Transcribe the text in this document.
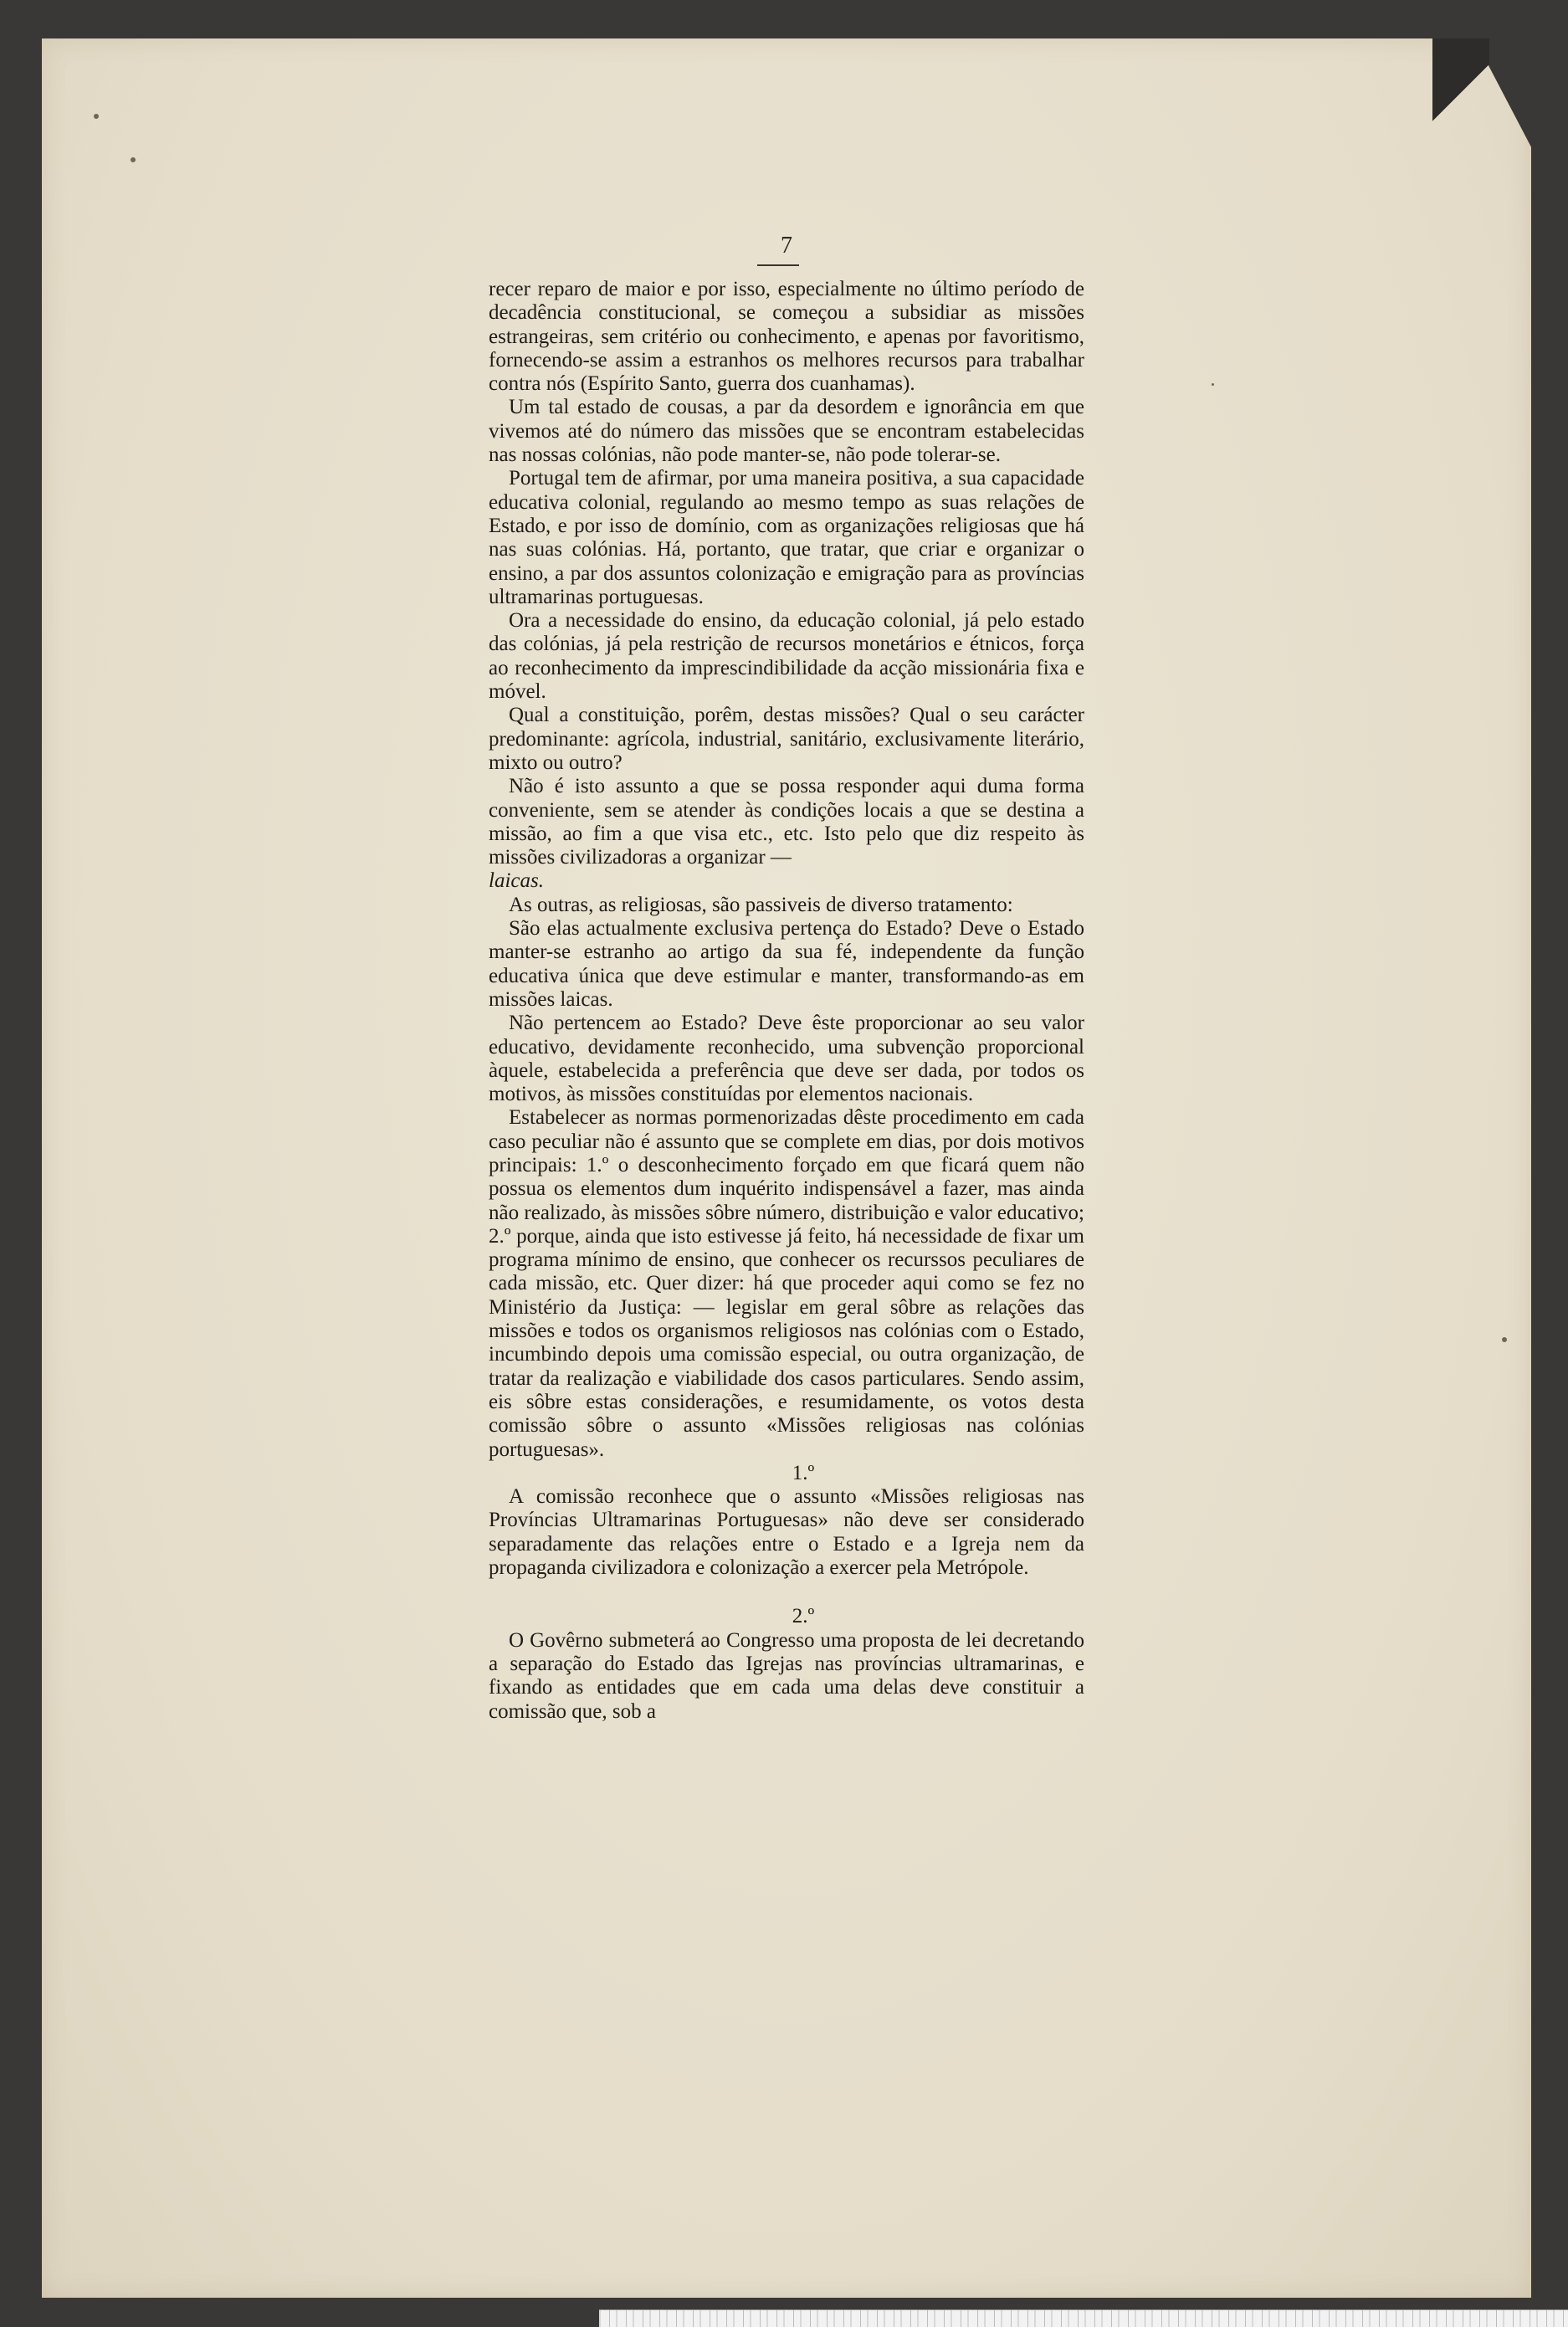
7

recer reparo de maior e por isso, especialmente no último período de decadência constitucional, se começou a subsidiar as missões estrangeiras, sem critério ou conhecimento, e apenas por favoritismo, fornecendo-se assim a estranhos os melhores recursos para trabalhar contra nós (Espírito Santo, guerra dos cuanhamas).

Um tal estado de cousas, a par da desordem e ignorância em que vivemos até do número das missões que se encontram estabelecidas nas nossas colónias, não pode manter-se, não pode tolerar-se.

Portugal tem de afirmar, por uma maneira positiva, a sua capacidade educativa colonial, regulando ao mesmo tempo as suas relações de Estado, e por isso de domínio, com as organizações religiosas que há nas suas colónias. Há, portanto, que tratar, que criar e organizar o ensino, a par dos assuntos colonização e emigração para as províncias ultramarinas portuguesas.

Ora a necessidade do ensino, da educação colonial, já pelo estado das colónias, já pela restrição de recursos monetários e étnicos, força ao reconhecimento da imprescindibilidade da acção missionária fixa e móvel.

Qual a constituição, porêm, destas missões? Qual o seu carácter predominante: agrícola, industrial, sanitário, exclusivamente literário, mixto ou outro?

Não é isto assunto a que se possa responder aqui duma forma conveniente, sem se atender às condições locais a que se destina a missão, ao fim a que visa etc., etc. Isto pelo que diz respeito às missões civilizadoras a organizar —

laicas.

As outras, as religiosas, são passiveis de diverso tratamento:

São elas actualmente exclusiva pertença do Estado? Deve o Estado manter-se estranho ao artigo da sua fé, independente da função educativa única que deve estimular e manter, transformando-as em missões laicas.

Não pertencem ao Estado? Deve êste proporcionar ao seu valor educativo, devidamente reconhecido, uma subvenção proporcional àquele, estabelecida a preferência que deve ser dada, por todos os motivos, às missões constituídas por elementos nacionais.

Estabelecer as normas pormenorizadas dêste procedimento em cada caso peculiar não é assunto que se complete em dias, por dois motivos principais: 1.º o desconhecimento forçado em que ficará quem não possua os elementos dum inquérito indispensável a fazer, mas ainda não realizado, às missões sôbre número, distribuição e valor educativo; 2.º porque, ainda que isto estivesse já feito, há necessidade de fixar um programa mínimo de ensino, que conhecer os recurssos peculiares de cada missão, etc. Quer dizer: há que proceder aqui como se fez no Ministério da Justiça: — legislar em geral sôbre as relações das missões e todos os organismos religiosos nas colónias com o Estado, incumbindo depois uma comissão especial, ou outra organização, de tratar da realização e viabilidade dos casos particulares. Sendo assim, eis sôbre estas considerações, e resumidamente, os votos desta comissão sôbre o assunto «Missões religiosas nas colónias portuguesas».

1.º

A comissão reconhece que o assunto «Missões religiosas nas Províncias Ultramarinas Portuguesas» não deve ser considerado separadamente das relações entre o Estado e a Igreja nem da propaganda civilizadora e colonização a exercer pela Metrópole.

2.º

O Govêrno submeterá ao Congresso uma proposta de lei decretando a separação do Estado das Igrejas nas províncias ultramarinas, e fixando as entidades que em cada uma delas deve constituir a comissão que, sob a
